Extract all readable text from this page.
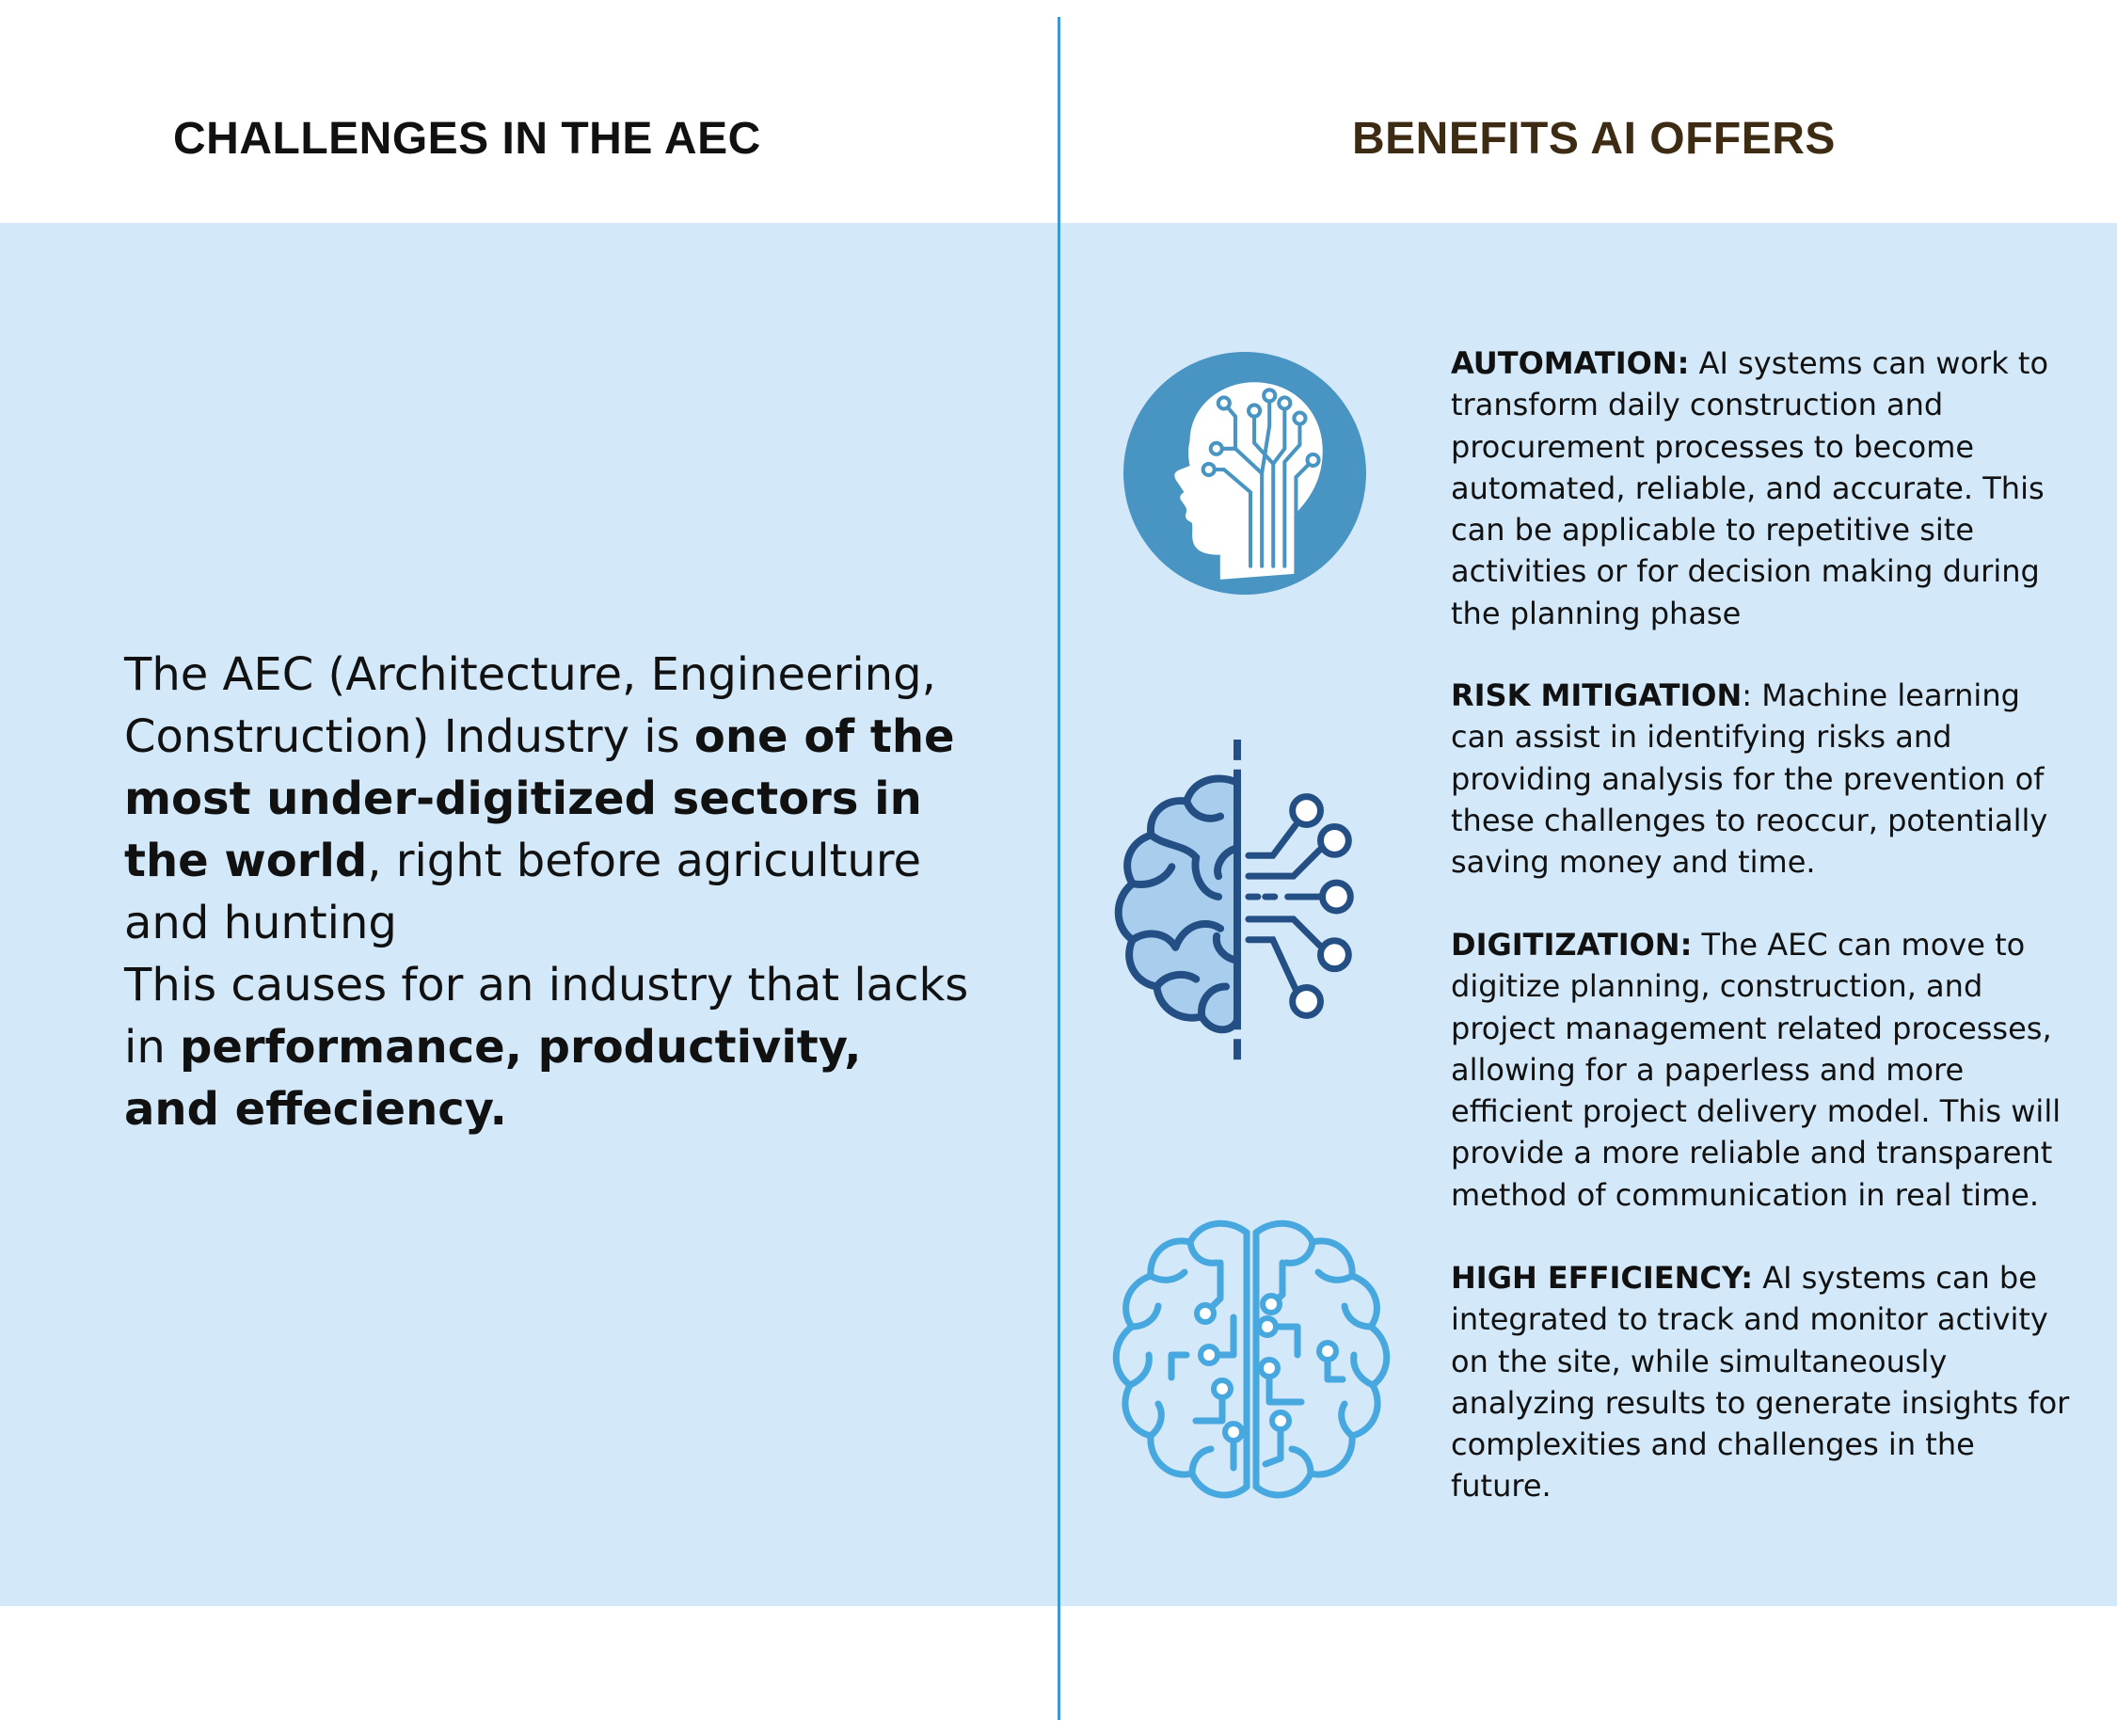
CHALLENGES IN THE AEC	BENEFITS AI OFFERS

The AEC (Architecture, Engineering, Construction) Industry is one of the most under-digitized sectors in the world, right before agriculture and hunting

This causes for an industry that lacks in performance, productivity, and effeciency.

AUTOMATION: AI systems can work to transform daily construction and procurement processes to become automated, reliable, and accurate. This can be applicable to repetitive site activities or for decision making during the planning phase
RISK MITIGATION: Machine learning can assist in identifying risks and providing analysis for the prevention of these challenges to reoccur, potentially saving money and time.
DIGITIZATION: The AEC can move to digitize planning, construction, and project management related processes, allowing for a paperless and more efficient project delivery model. This will provide a more reliable and transparent method of communication in real time.
HIGH EFFICIENCY: AI systems can be integrated to track and monitor activity on the site, while simultaneously  analyzing results to generate insights for complexities and challenges in the future.
